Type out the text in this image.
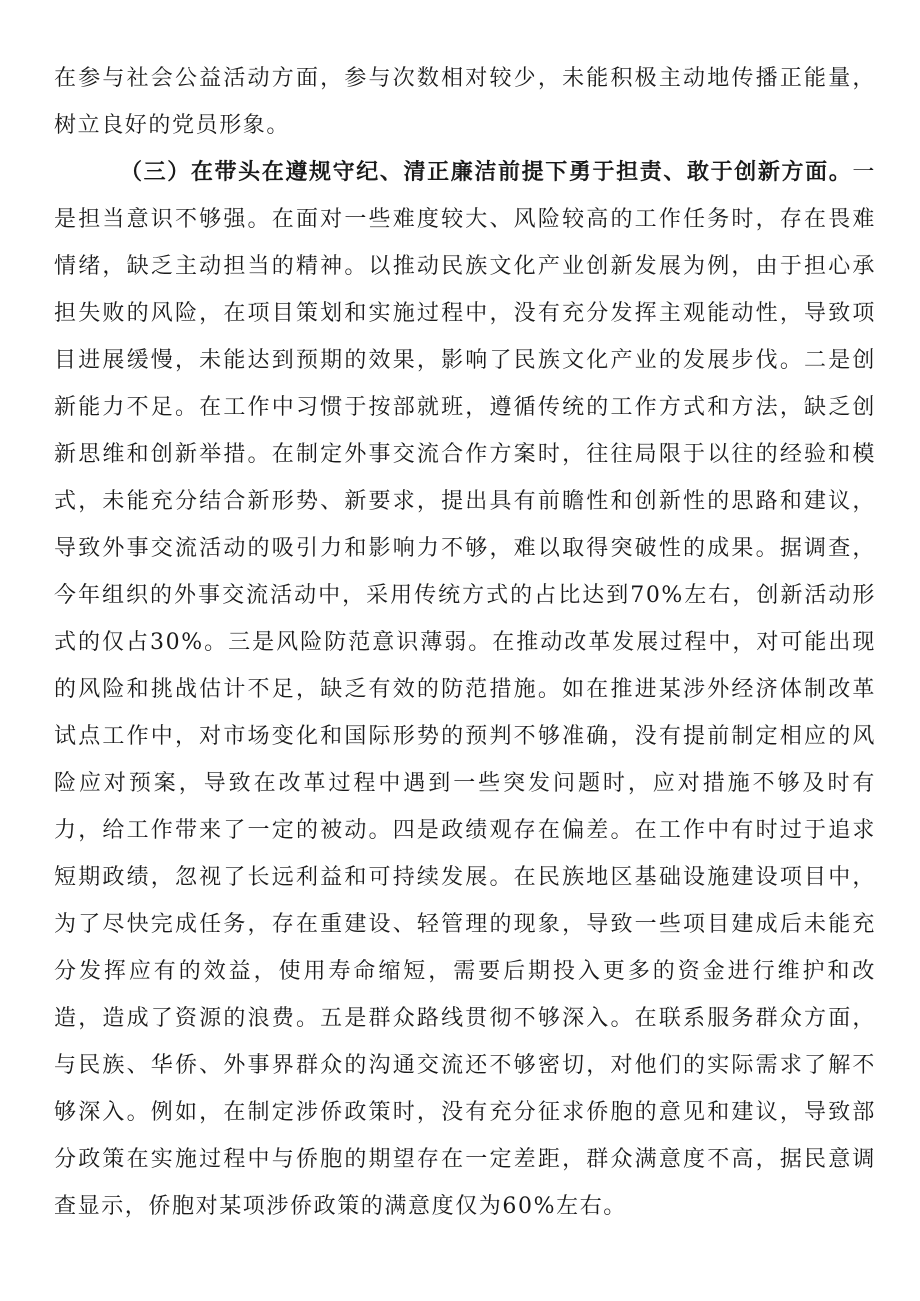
在参与社会公益活动方面，参与次数相对较少，未能积极主动地传播正能量，树立良好的党员形象。

（三）在带头在遵规守纪、清正廉洁前提下勇于担责、敢于创新方面。一是担当意识不够强。在面对一些难度较大、风险较高的工作任务时，存在畏难情绪，缺乏主动担当的精神。以推动民族文化产业创新发展为例，由于担心承担失败的风险，在项目策划和实施过程中，没有充分发挥主观能动性，导致项目进展缓慢，未能达到预期的效果，影响了民族文化产业的发展步伐。二是创新能力不足。在工作中习惯于按部就班，遵循传统的工作方式和方法，缺乏创新思维和创新举措。在制定外事交流合作方案时，往往局限于以往的经验和模式，未能充分结合新形势、新要求，提出具有前瞻性和创新性的思路和建议，导致外事交流活动的吸引力和影响力不够，难以取得突破性的成果。据调查，今年组织的外事交流活动中，采用传统方式的占比达到70%左右，创新活动形式的仅占30%。三是风险防范意识薄弱。在推动改革发展过程中，对可能出现的风险和挑战估计不足，缺乏有效的防范措施。如在推进某涉外经济体制改革试点工作中，对市场变化和国际形势的预判不够准确，没有提前制定相应的风险应对预案，导致在改革过程中遇到一些突发问题时，应对措施不够及时有力，给工作带来了一定的被动。四是政绩观存在偏差。在工作中有时过于追求短期政绩，忽视了长远利益和可持续发展。在民族地区基础设施建设项目中，为了尽快完成任务，存在重建设、轻管理的现象，导致一些项目建成后未能充分发挥应有的效益，使用寿命缩短，需要后期投入更多的资金进行维护和改造，造成了资源的浪费。五是群众路线贯彻不够深入。在联系服务群众方面，与民族、华侨、外事界群众的沟通交流还不够密切，对他们的实际需求了解不够深入。例如，在制定涉侨政策时，没有充分征求侨胞的意见和建议，导致部分政策在实施过程中与侨胞的期望存在一定差距，群众满意度不高，据民意调查显示，侨胞对某项涉侨政策的满意度仅为60%左右。
